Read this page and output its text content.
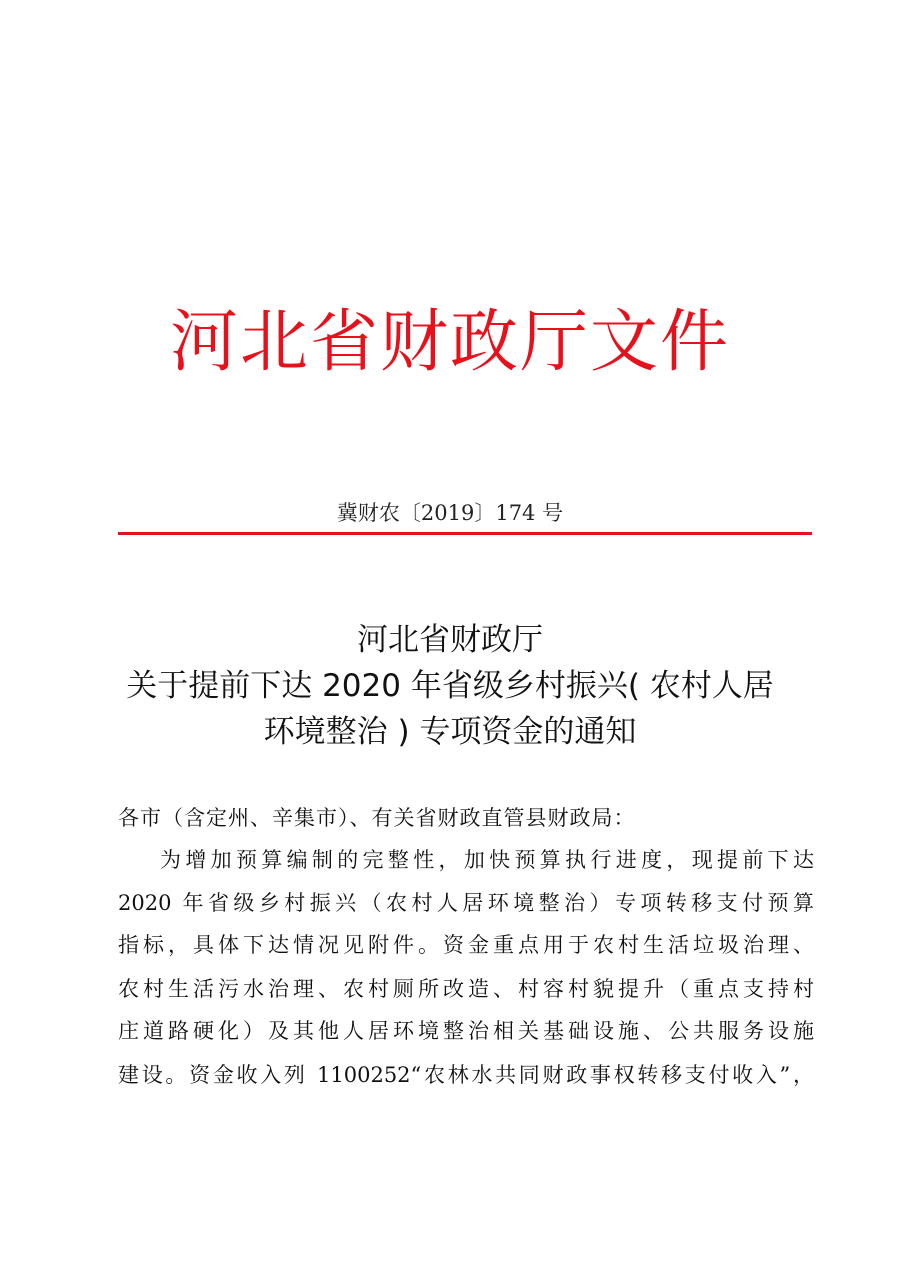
河北省财政厅文件
冀财农〔2019〕174 号
河北省财政厅
关于提前下达 2020 年省级乡村振兴( 农村人居
环境整治 ) 专项资金的通知
各市（含定州、辛集市）、有关省财政直管县财政局：
为增加预算编制的完整性，加快预算执行进度，现提前下达
2020 年省级乡村振兴（农村人居环境整治）专项转移支付预算
指标，具体下达情况见附件。资金重点用于农村生活垃圾治理、
农村生活污水治理、农村厕所改造、村容村貌提升（重点支持村
庄道路硬化）及其他人居环境整治相关基础设施、公共服务设施
建设。资金收入列 1100252“农林水共同财政事权转移支付收入”，
